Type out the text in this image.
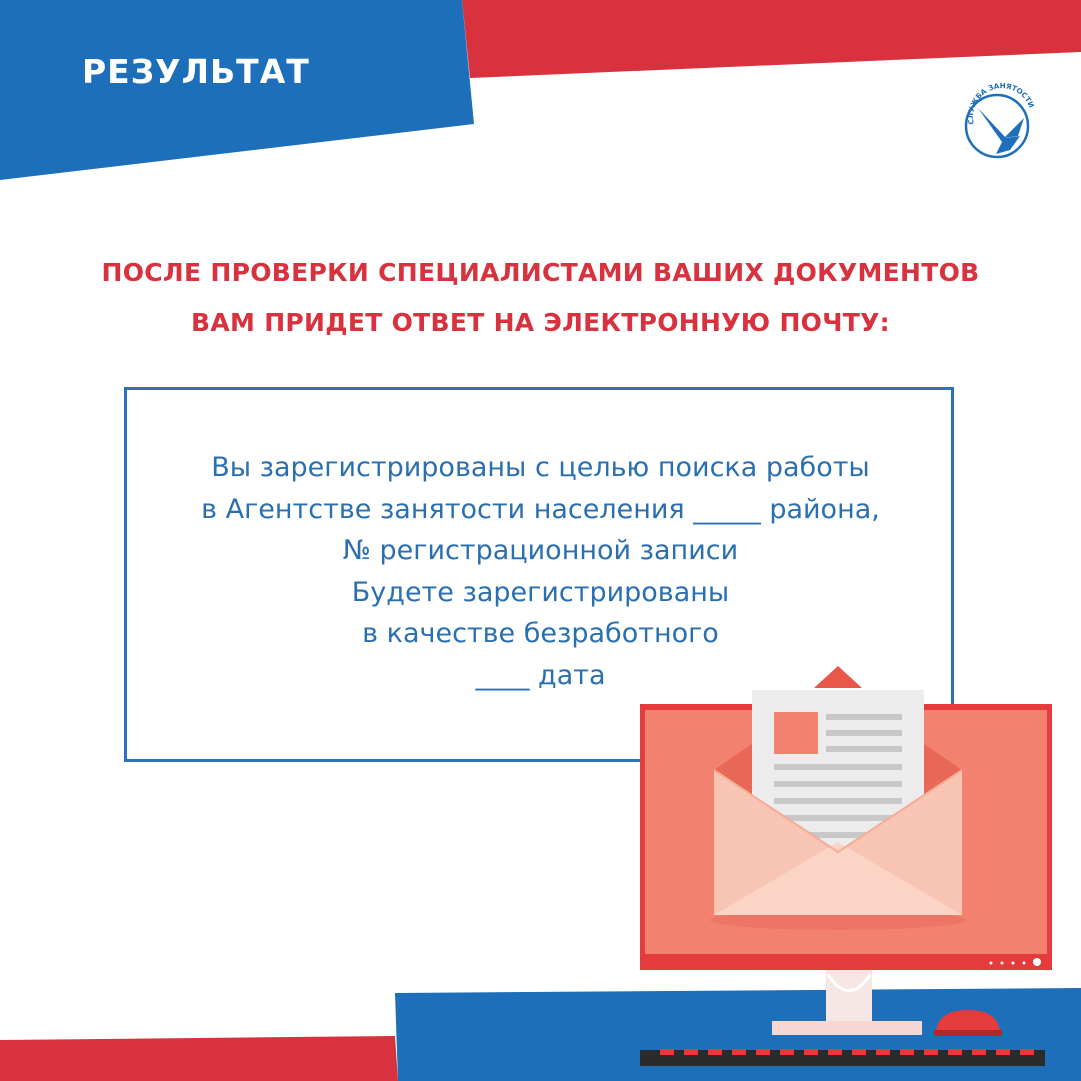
РЕЗУЛЬТАТ
СЛУЖБА ЗАНЯТОСТИ
ПОСЛЕ ПРОВЕРКИ СПЕЦИАЛИСТАМИ ВАШИХ ДОКУМЕНТОВ
ВАМ ПРИДЕТ ОТВЕТ НА ЭЛЕКТРОННУЮ ПОЧТУ:
Вы зарегистрированы с целью поиска работы
в Агентстве занятости населения _____ района,
№ регистрационной записи
Будете зарегистрированы
в качестве безработного
____ дата
